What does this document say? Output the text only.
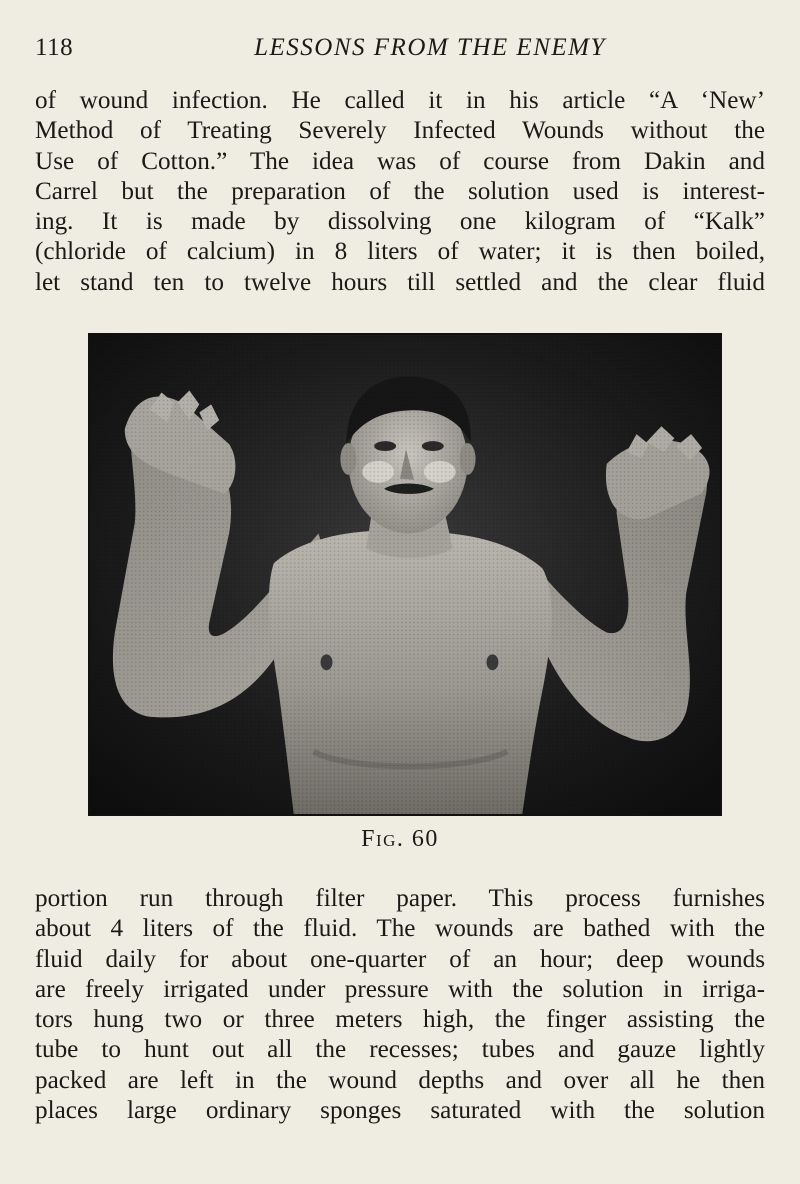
118	LESSONS FROM THE ENEMY
of wound infection. He called it in his article “A ‘New’
Method of Treating Severely Infected Wounds without the
Use of Cotton.” The idea was of course from Dakin and
Carrel but the preparation of the solution used is interest-
ing. It is made by dissolving one kilogram of “Kalk”
(chloride of calcium) in 8 liters of water; it is then boiled,
let stand ten to twelve hours till settled and the clear fluid
Fig. 60
portion run through filter paper. This process furnishes
about 4 liters of the fluid. The wounds are bathed with the
fluid daily for about one-quarter of an hour; deep wounds
are freely irrigated under pressure with the solution in irriga-
tors hung two or three meters high, the finger assisting the
tube to hunt out all the recesses; tubes and gauze lightly
packed are left in the wound depths and over all he then
places large ordinary sponges saturated with the solution
